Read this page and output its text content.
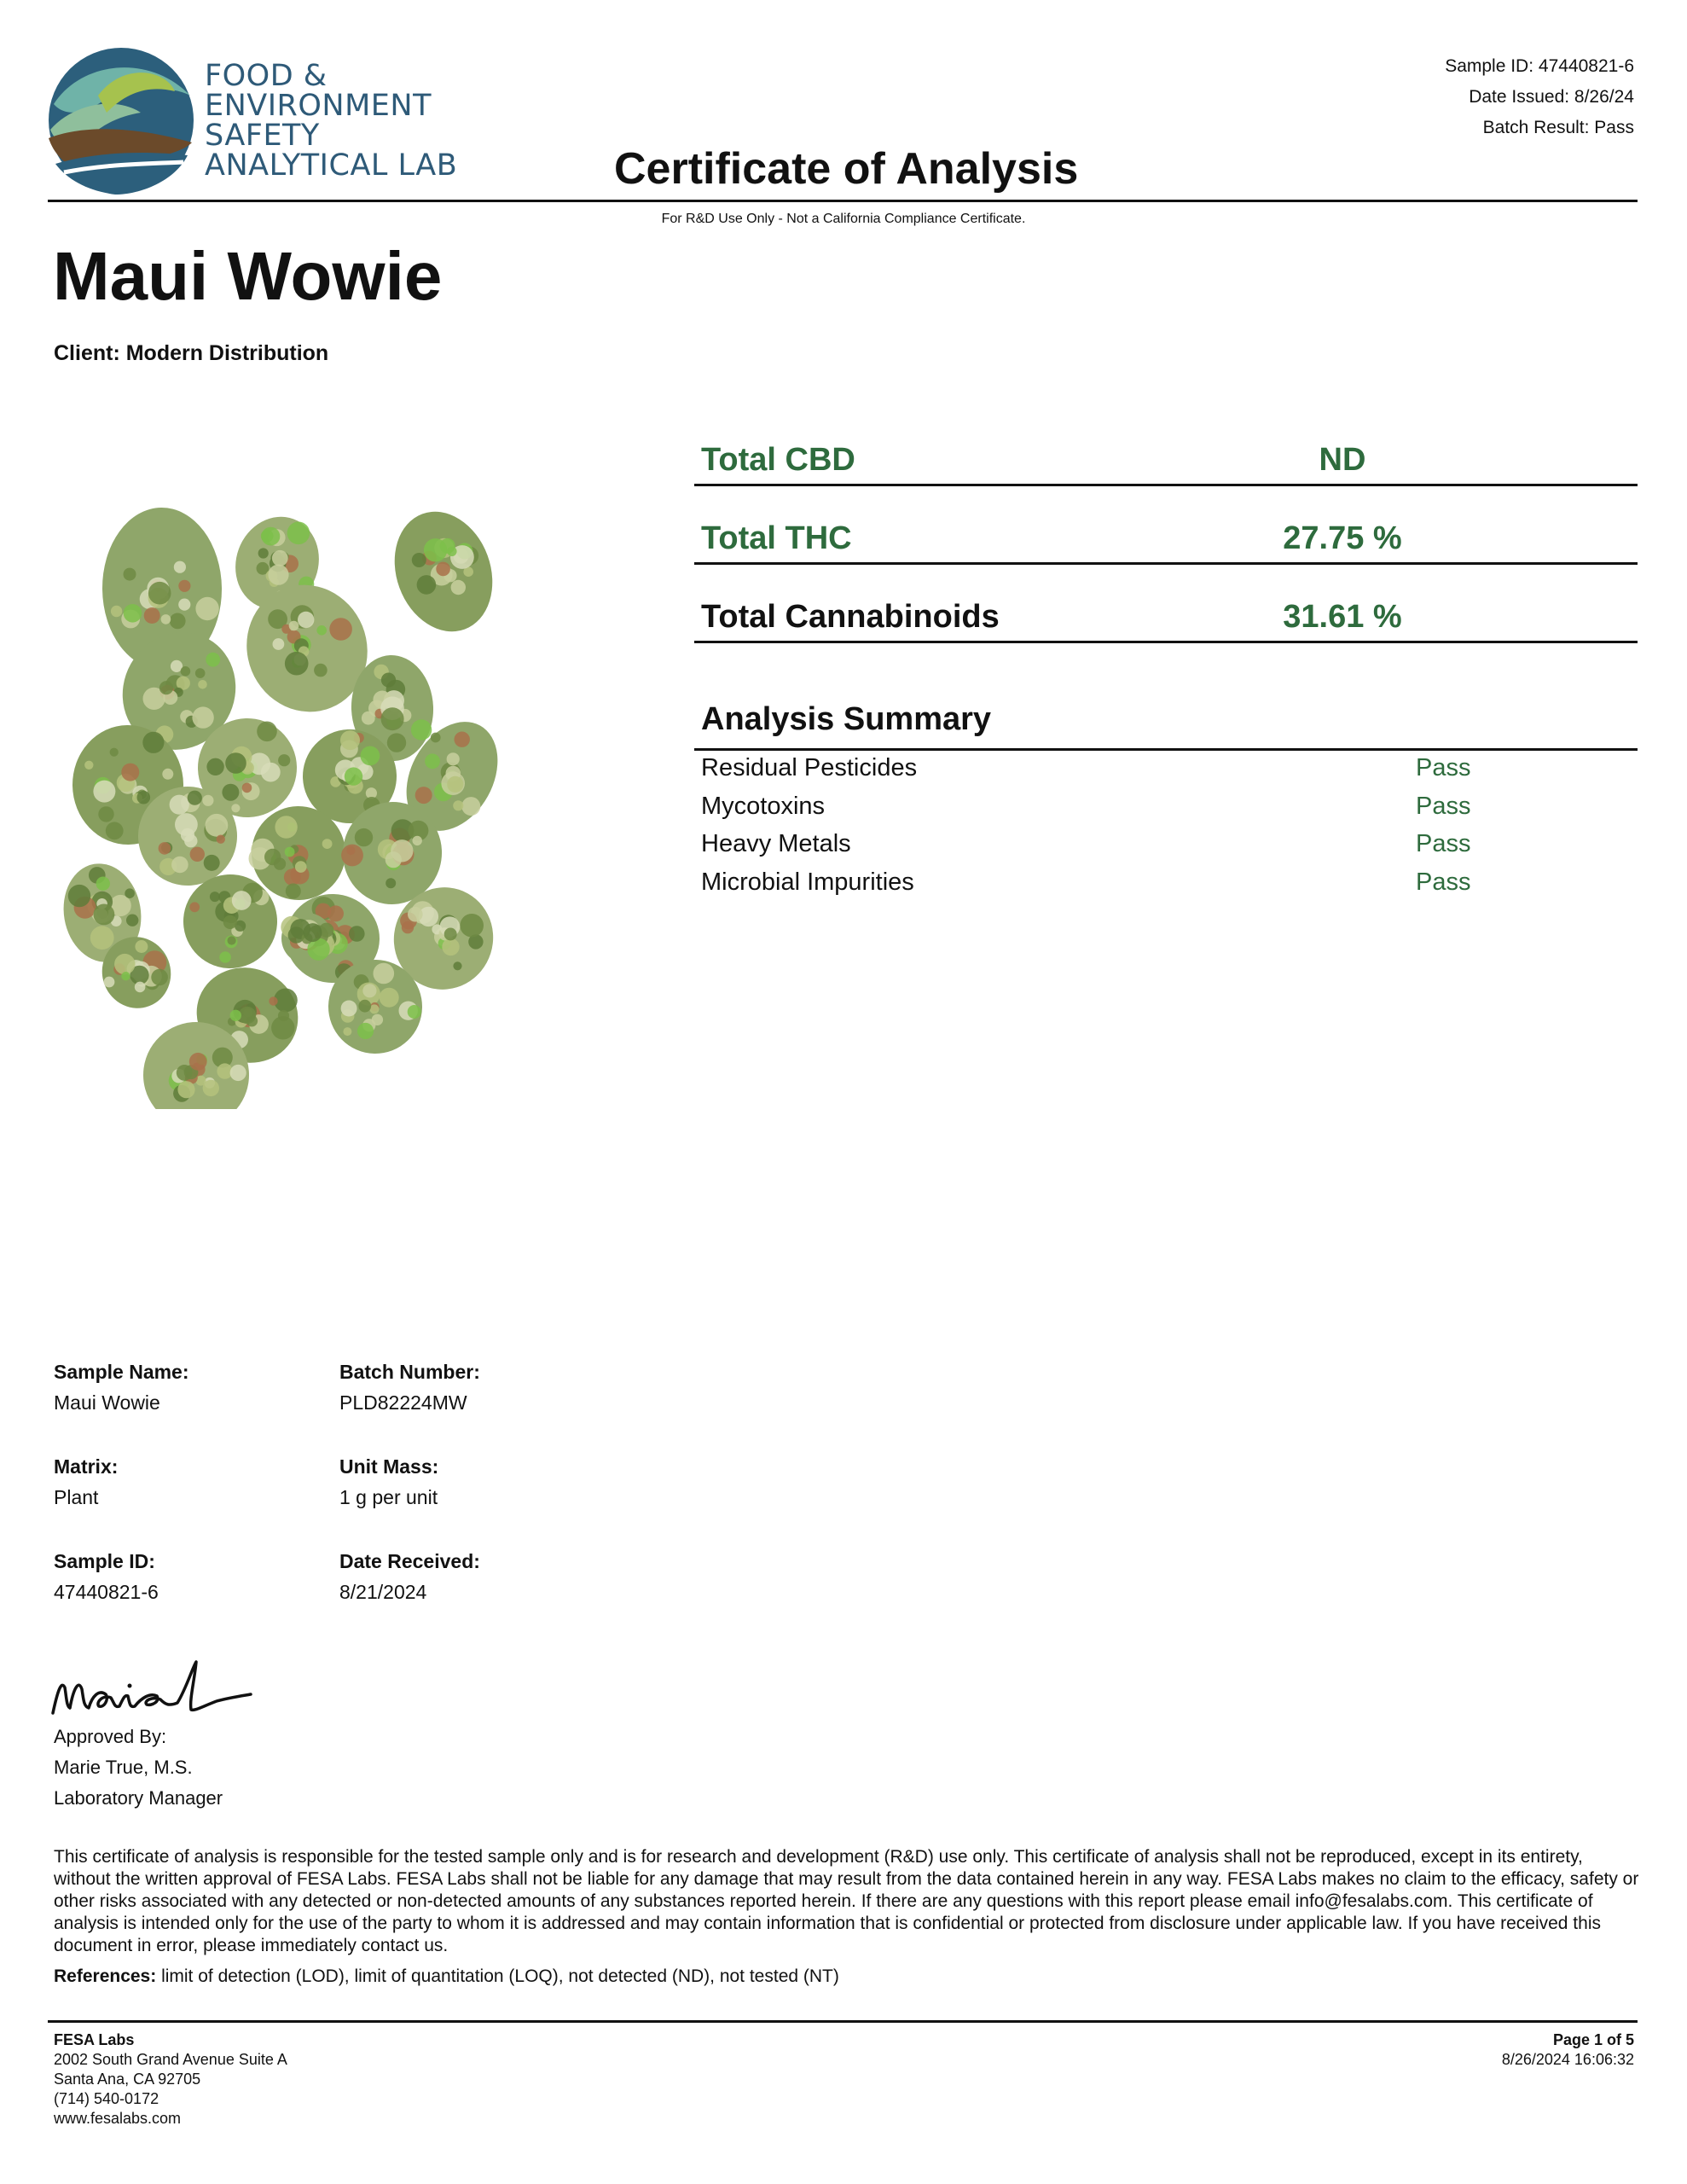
FOOD &
ENVIRONMENT
SAFETY
ANALYTICAL LAB
Sample ID: 47440821-6
Date Issued: 8/26/24
Batch Result: Pass
Certificate of Analysis
For R&D Use Only - Not a California Compliance Certificate.
Maui Wowie
Client: Modern Distribution
Total CBD	ND
Total THC	27.75 %
Total Cannabinoids	31.61 %
Analysis Summary
Residual Pesticides	Pass
Mycotoxins	Pass
Heavy Metals	Pass
Microbial Impurities	Pass
Sample Name:
Maui Wowie
Batch Number:
PLD82224MW
Matrix:
Plant
Unit Mass:
1 g per unit
Sample ID:
47440821-6
Date Received:
8/21/2024
Approved By:
Marie True, M.S.
Laboratory Manager
This certificate of analysis is responsible for the tested sample only and is for research and development (R&D) use only. This certificate of analysis shall not be reproduced, except in its entirety, without the written approval of FESA Labs. FESA Labs shall not be liable for any damage that may result from the data contained herein in any way. FESA Labs makes no claim to the efficacy, safety or other risks associated with any detected or non-detected amounts of any substances reported herein. If there are any questions with this report please email info@fesalabs.com. This certificate of analysis is intended only for the use of the party to whom it is addressed and may contain information that is confidential or protected from disclosure under applicable law. If you have received this document in error, please immediately contact us.
References: limit of detection (LOD), limit of quantitation (LOQ), not detected (ND), not tested (NT)
FESA Labs
2002 South Grand Avenue Suite A
Santa Ana, CA 92705
(714) 540-0172
www.fesalabs.com
Page 1 of 5
8/26/2024 16:06:32
